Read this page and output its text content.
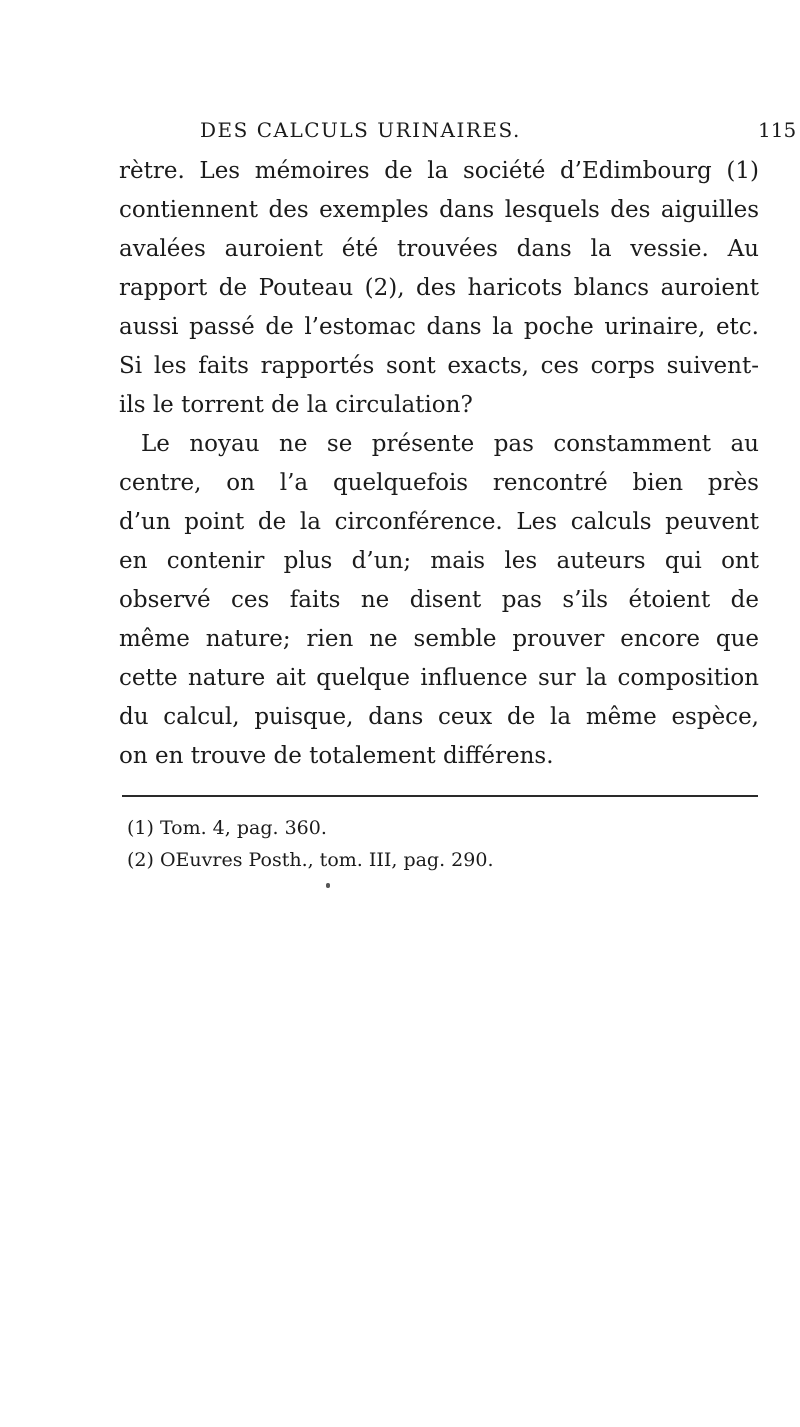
DES CALCULS URINAIRES.	115
rètre. Les mémoires de la société d’Edimbourg (1)
contiennent des exemples dans lesquels des aiguilles
avalées auroient été trouvées dans la vessie. Au
rapport de Pouteau (2), des haricots blancs auroient
aussi passé de l’estomac dans la poche urinaire, etc.
Si les faits rapportés sont exacts, ces corps suivent-
ils le torrent de la circulation?
Le noyau ne se présente pas constamment au
centre, on l’a quelquefois rencontré bien près
d’un point de la circonférence. Les calculs peuvent
en contenir plus d’un; mais les auteurs qui ont
observé ces faits ne disent pas s’ils étoient de
même nature; rien ne semble prouver encore que
cette nature ait quelque influence sur la composition
du calcul, puisque, dans ceux de la même espèce,
on en trouve de totalement différens.
(1) Tom. 4, pag. 360.
(2) OEuvres Posth., tom. III, pag. 290.
